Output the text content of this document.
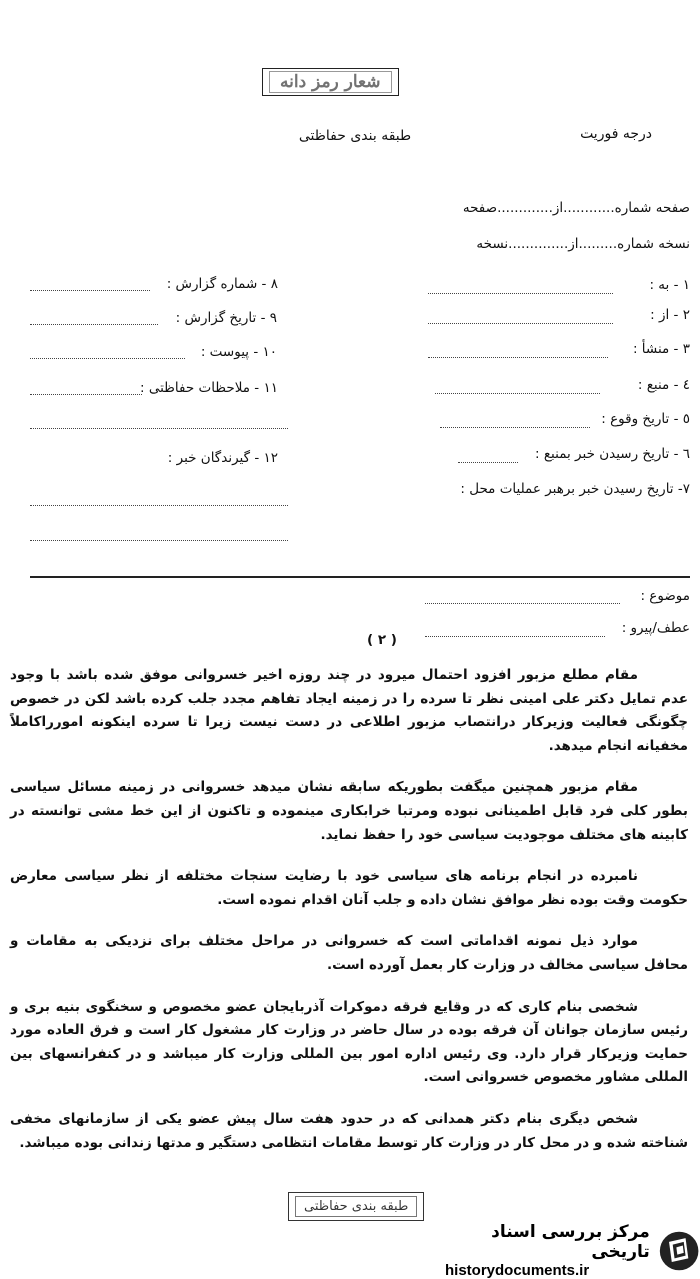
شعار رمز دانه
طبقه بندی حفاظتی	درجه فوریت
صفحه شماره............از.............صفحه
نسخه شماره.........از..............نسخه
۱ - به :
۲ - از :
۳ - منشأ :
٤ - منبع :
٥ - تاریخ وقوع :
٦ - تاریخ رسیدن خبر بمنبع :
٧- تاریخ رسیدن خبر برهبر عملیات محل :
۸ - شماره گزارش :
۹ - تاریخ گزارش :
۱۰ - پیوست :
۱۱ - ملاحظات حفاظتی :
۱۲ - گیرندگان خبر :
موضوع :
عطف/پیرو :
( ۲ )

مقام مطلع مزبور افزود احتمال میرود در چند روزه اخیر خسروانی موفق شده باشد با وجود عدم تمایل دکتر علی امینی نظر تا سرده را در زمینه ایجاد تفاهم مجدد جلب کرده باشد لکن در خصوص چگونگی فعالیت وزیرکار درانتصاب مزبور اطلاعی در دست نیست زیرا تا سرده اینکونه امورراکاملاً مخفیانه انجام میدهد.

مقام مزبور همچنین میگفت بطوریکه سابقه نشان میدهد خسروانی در زمینه مسائل سیاسی بطور کلی فرد قابل اطمینانی نبوده ومرتبا خرابکاری مینموده و تاکنون از این خط مشی توانسته در کابینه های مختلف موجودیت سیاسی خود را حفظ نماید.

نامبرده در انجام برنامه های سیاسی خود با رضایت سنجات مختلفه از نظر سیاسی معارض حکومت وقت بوده نظر موافق نشان داده و جلب آنان اقدام نموده است.

موارد ذیل نمونه اقداماتی است که خسروانی در مراحل مختلف برای نزدیکی به مقامات و محافل سیاسی مخالف در وزارت کار بعمل آورده است.

شخصی بنام کاری که در وقایع فرقه دموکرات آذربایجان عضو مخصوص و سخنگوی بنیه بری و رئیس سازمان جوانان آن فرقه بوده در سال حاضر در وزارت کار مشغول کار است و فرق العاده مورد حمایت وزیرکار قرار دارد. وی رئیس اداره امور بین المللی وزارت کار میباشد و در کنفرانسهای بین المللی مشاور مخصوص خسروانی است.

شخص دیگری بنام دکتر همدانی که در حدود هفت سال پیش عضو یکی از سازمانهای مخفی شناخته شده و در محل کار در وزارت کار توسط مقامات انتظامی دستگیر و مدتها زندانی بوده میباشد.

طبقه بندی حفاظتی
مرکز بررسی اسناد تاریخی
historydocuments.ir
